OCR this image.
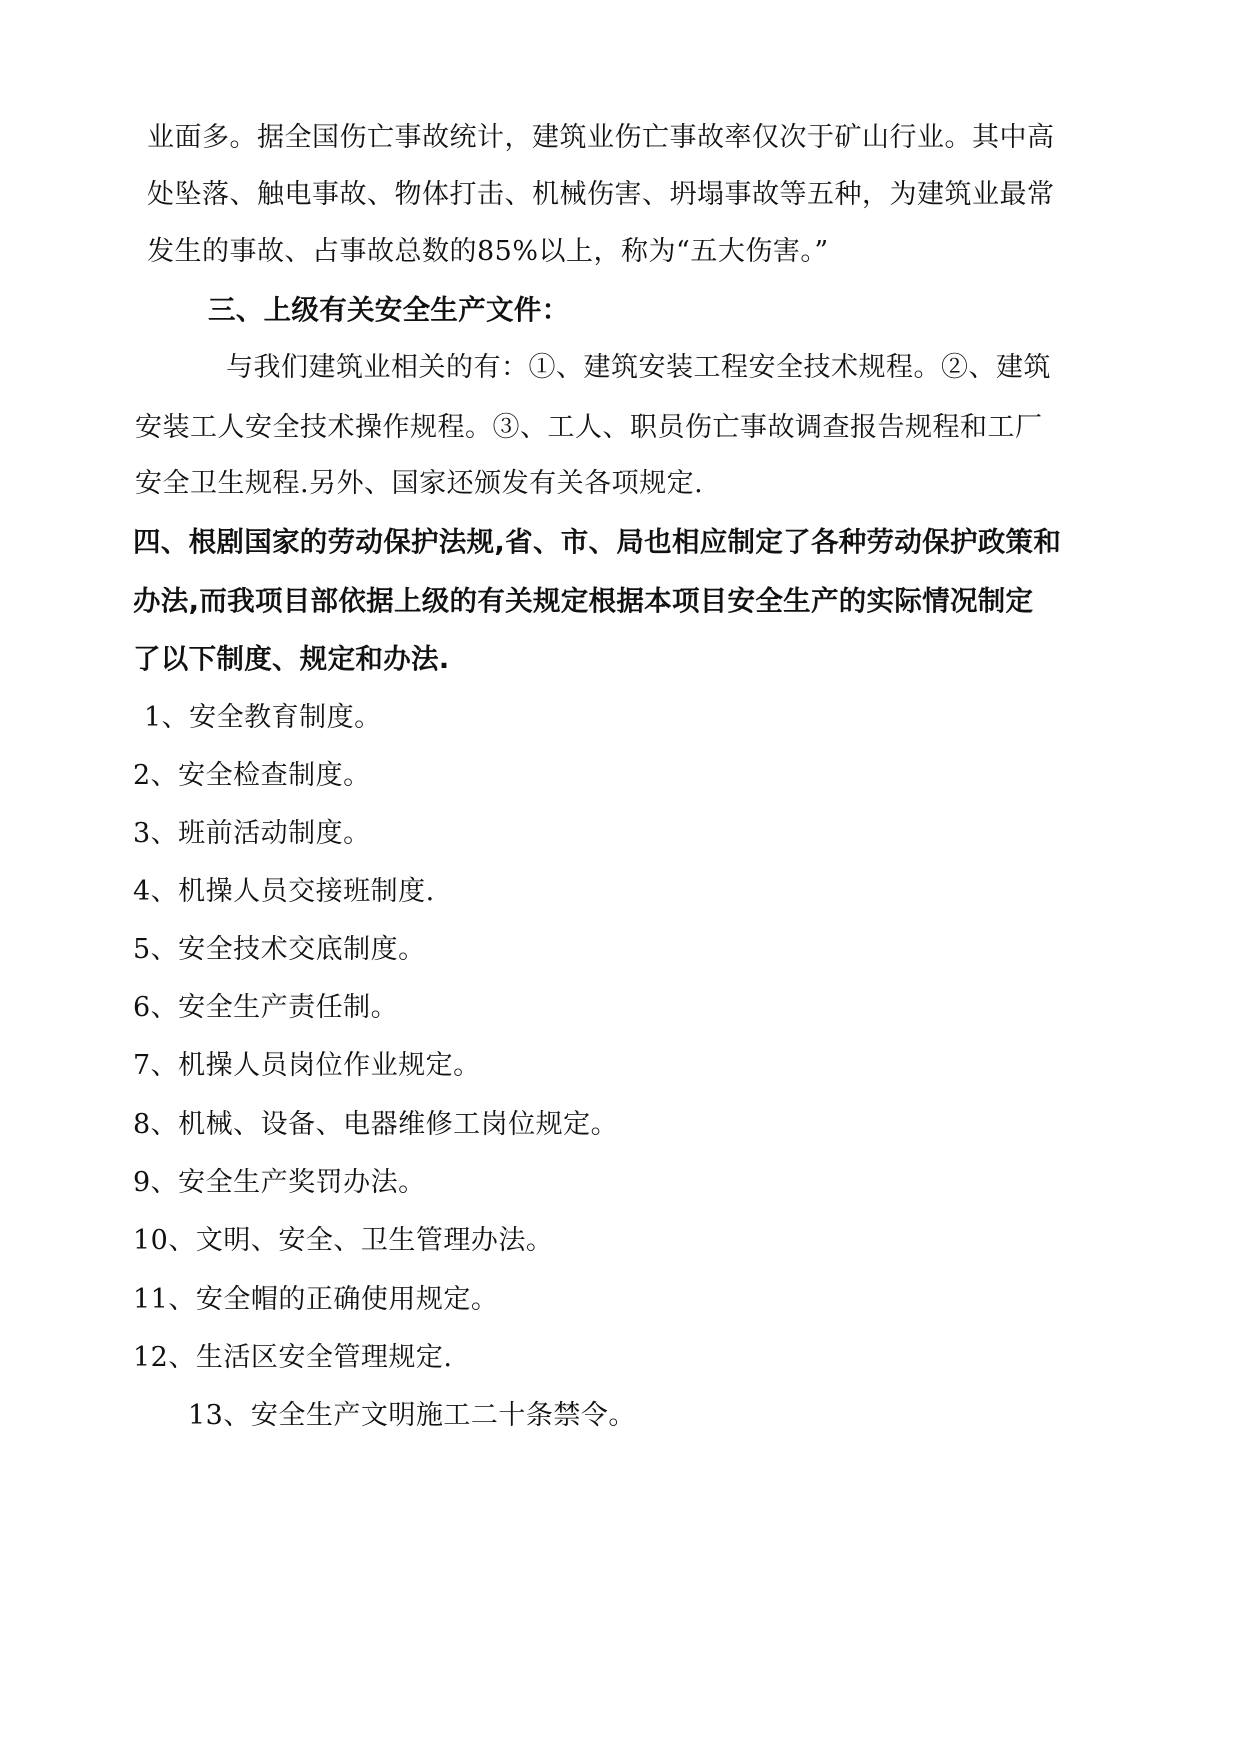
业面多。据全国伤亡事故统计，建筑业伤亡事故率仅次于矿山行业。其中高
处坠落、触电事故、物体打击、机械伤害、坍塌事故等五种，为建筑业最常
发生的事故、占事故总数的85%以上，称为“五大伤害。”
三、上级有关安全生产文件：
与我们建筑业相关的有：①、建筑安装工程安全技术规程。②、建筑
安装工人安全技术操作规程。③、工人、职员伤亡事故调查报告规程和工厂
安全卫生规程.另外、国家还颁发有关各项规定.
四、根剧国家的劳动保护法规,省、市、局也相应制定了各种劳动保护政策和
办法,而我项目部依据上级的有关规定根据本项目安全生产的实际情况制定
了以下制度、规定和办法.
1、安全教育制度。
2、安全检查制度。
3、班前活动制度。
4、机操人员交接班制度.
5、安全技术交底制度。
6、安全生产责任制。
7、机操人员岗位作业规定。
8、机械、设备、电器维修工岗位规定。
9、安全生产奖罚办法。
10、文明、安全、卫生管理办法。
11、安全帽的正确使用规定。
12、生活区安全管理规定.
13、安全生产文明施工二十条禁令。
